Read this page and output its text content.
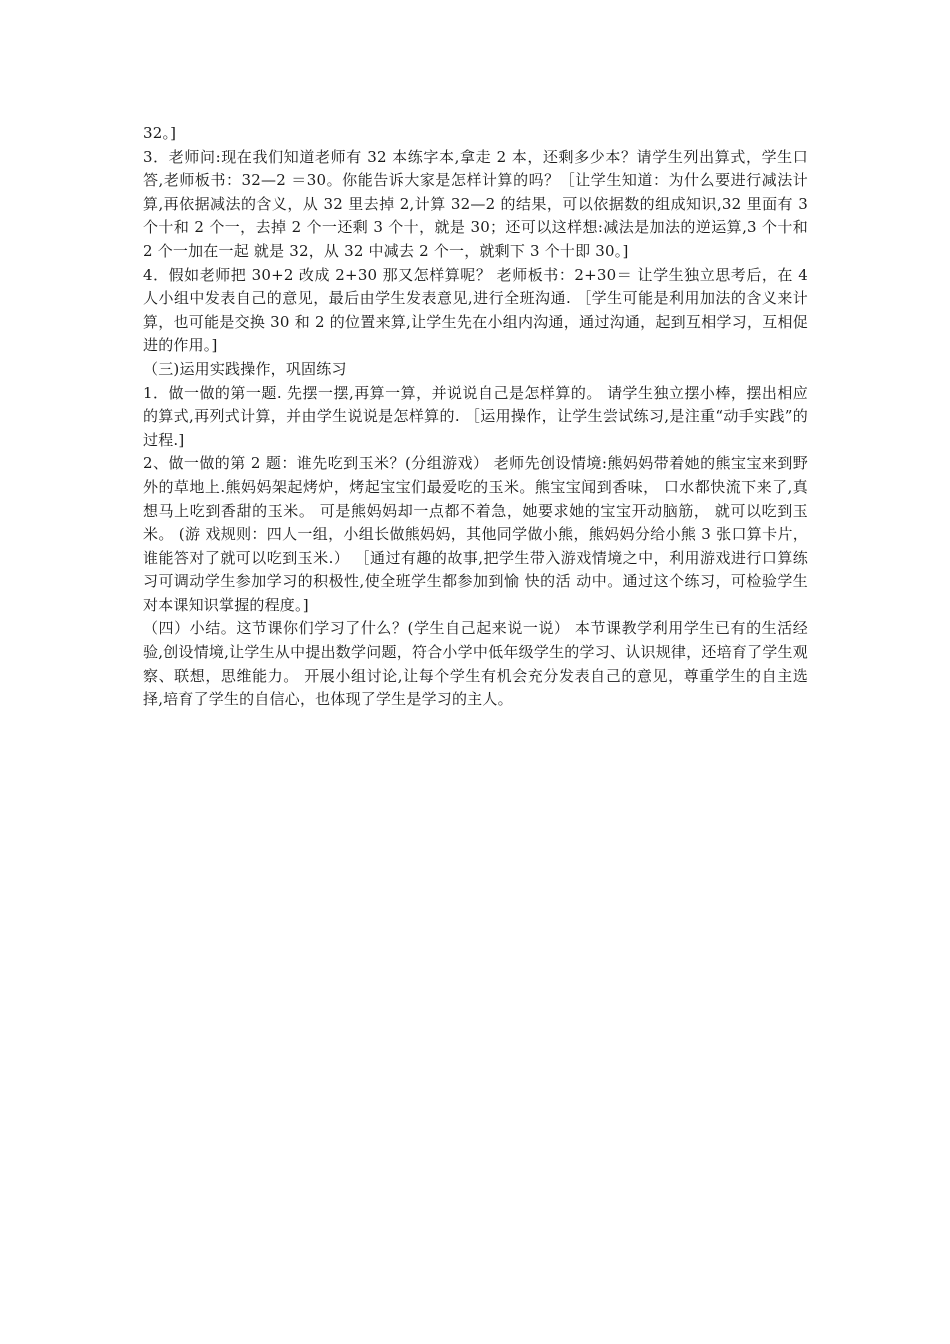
32。]

3．老师问:现在我们知道老师有 32 本练字本,拿走 2 本，还剩多少本？请学生列出算式，学生口答,老师板书：32—2 ＝30。你能告诉大家是怎样计算的吗？［让学生知道：为什么要进行减法计算,再依据减法的含义，从 32 里去掉 2,计算 32—2 的结果，可以依据数的组成知识,32 里面有 3 个十和 2 个一，去掉 2 个一还剩 3 个十，就是 30；还可以这样想:减法是加法的逆运算,3 个十和 2 个一加在一起 就是 32，从 32 中减去 2 个一，就剩下 3 个十即 30。]

4．假如老师把 30+2 改成 2+30 那又怎样算呢？ 老师板书：2+30＝ 让学生独立思考后，在 4 人小组中发表自己的意见，最后由学生发表意见,进行全班沟通. ［学生可能是利用加法的含义来计算，也可能是交换 30 和 2 的位置来算,让学生先在小组内沟通，通过沟通，起到互相学习，互相促进的作用。]

（三)运用实践操作，巩固练习

1．做一做的第一题. 先摆一摆,再算一算，并说说自己是怎样算的。 请学生独立摆小棒，摆出相应的算式,再列式计算，并由学生说说是怎样算的. ［运用操作，让学生尝试练习,是注重“动手实践”的过程.]

2、做一做的第 2 题：谁先吃到玉米？(分组游戏） 老师先创设情境:熊妈妈带着她的熊宝宝来到野外的草地上.熊妈妈架起烤炉，烤起宝宝们最爱吃的玉米。熊宝宝闻到香味， 口水都快流下来了,真想马上吃到香甜的玉米。 可是熊妈妈却一点都不着急，她要求她的宝宝开动脑筋， 就可以吃到玉米。 (游 戏规则：四人一组，小组长做熊妈妈，其他同学做小熊，熊妈妈分给小熊 3 张口算卡片，谁能答对了就可以吃到玉米.） ［通过有趣的故事,把学生带入游戏情境之中，利用游戏进行口算练习可调动学生参加学习的积极性,使全班学生都参加到愉 快的活 动中。通过这个练习，可检验学生对本课知识掌握的程度。]

（四）小结。这节课你们学习了什么？(学生自己起来说一说） 本节课教学利用学生已有的生活经验,创设情境,让学生从中提出数学问题，符合小学中低年级学生的学习、认识规律，还培育了学生观察、联想，思维能力。 开展小组讨论,让每个学生有机会充分发表自己的意见，尊重学生的自主选择,培育了学生的自信心，也体现了学生是学习的主人。
